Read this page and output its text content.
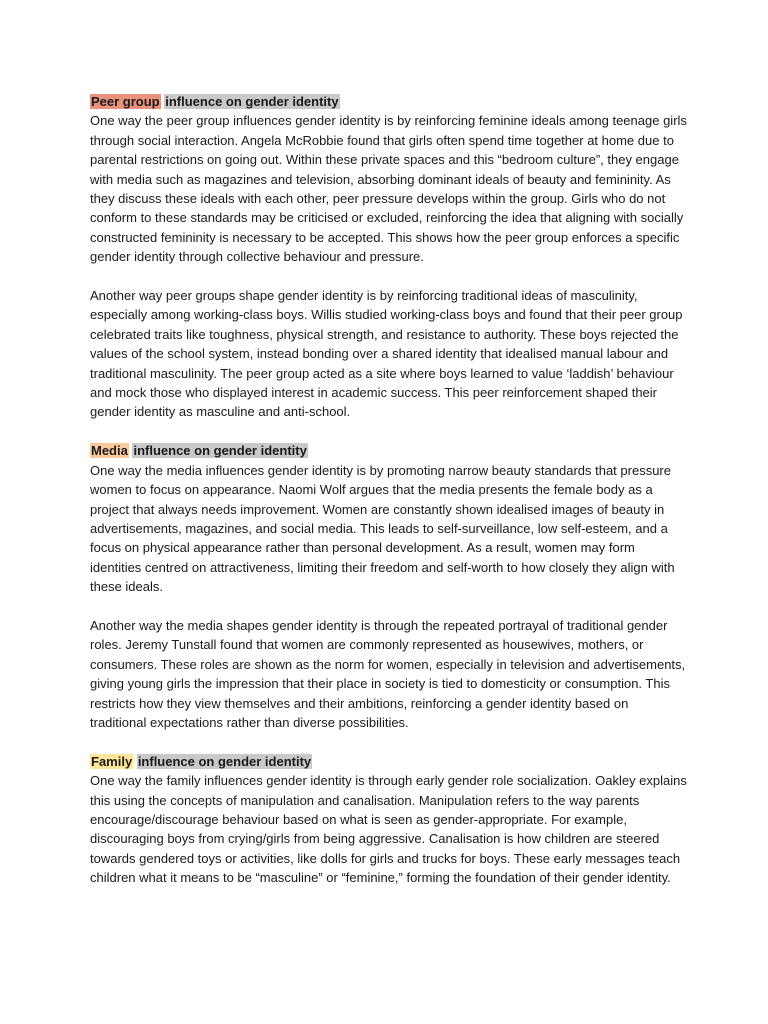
Peer group influence on gender identity

One way the peer group influences gender identity is by reinforcing feminine ideals among teenage girls through social interaction. Angela McRobbie found that girls often spend time together at home due to parental restrictions on going out. Within these private spaces and this “bedroom culture”, they engage with media such as magazines and television, absorbing dominant ideals of beauty and femininity. As they discuss these ideals with each other, peer pressure develops within the group. Girls who do not conform to these standards may be criticised or excluded, reinforcing the idea that aligning with socially constructed femininity is necessary to be accepted. This shows how the peer group enforces a specific gender identity through collective behaviour and pressure.

Another way peer groups shape gender identity is by reinforcing traditional ideas of masculinity, especially among working-class boys. Willis studied working-class boys and found that their peer group celebrated traits like toughness, physical strength, and resistance to authority. These boys rejected the values of the school system, instead bonding over a shared identity that idealised manual labour and traditional masculinity. The peer group acted as a site where boys learned to value ‘laddish’ behaviour and mock those who displayed interest in academic success. This peer reinforcement shaped their gender identity as masculine and anti-school.

Media influence on gender identity

One way the media influences gender identity is by promoting narrow beauty standards that pressure women to focus on appearance. Naomi Wolf argues that the media presents the female body as a project that always needs improvement. Women are constantly shown idealised images of beauty in advertisements, magazines, and social media. This leads to self-surveillance, low self-esteem, and a focus on physical appearance rather than personal development. As a result, women may form identities centred on attractiveness, limiting their freedom and self-worth to how closely they align with these ideals.

Another way the media shapes gender identity is through the repeated portrayal of traditional gender roles. Jeremy Tunstall found that women are commonly represented as housewives, mothers, or consumers. These roles are shown as the norm for women, especially in television and advertisements, giving young girls the impression that their place in society is tied to domesticity or consumption. This restricts how they view themselves and their ambitions, reinforcing a gender identity based on traditional expectations rather than diverse possibilities.

Family influence on gender identity

One way the family influences gender identity is through early gender role socialization. Oakley explains this using the concepts of manipulation and canalisation. Manipulation refers to the way parents encourage/discourage behaviour based on what is seen as gender-appropriate. For example, discouraging boys from crying/girls from being aggressive. Canalisation is how children are steered towards gendered toys or activities, like dolls for girls and trucks for boys. These early messages teach children what it means to be “masculine” or “feminine,” forming the foundation of their gender identity.
